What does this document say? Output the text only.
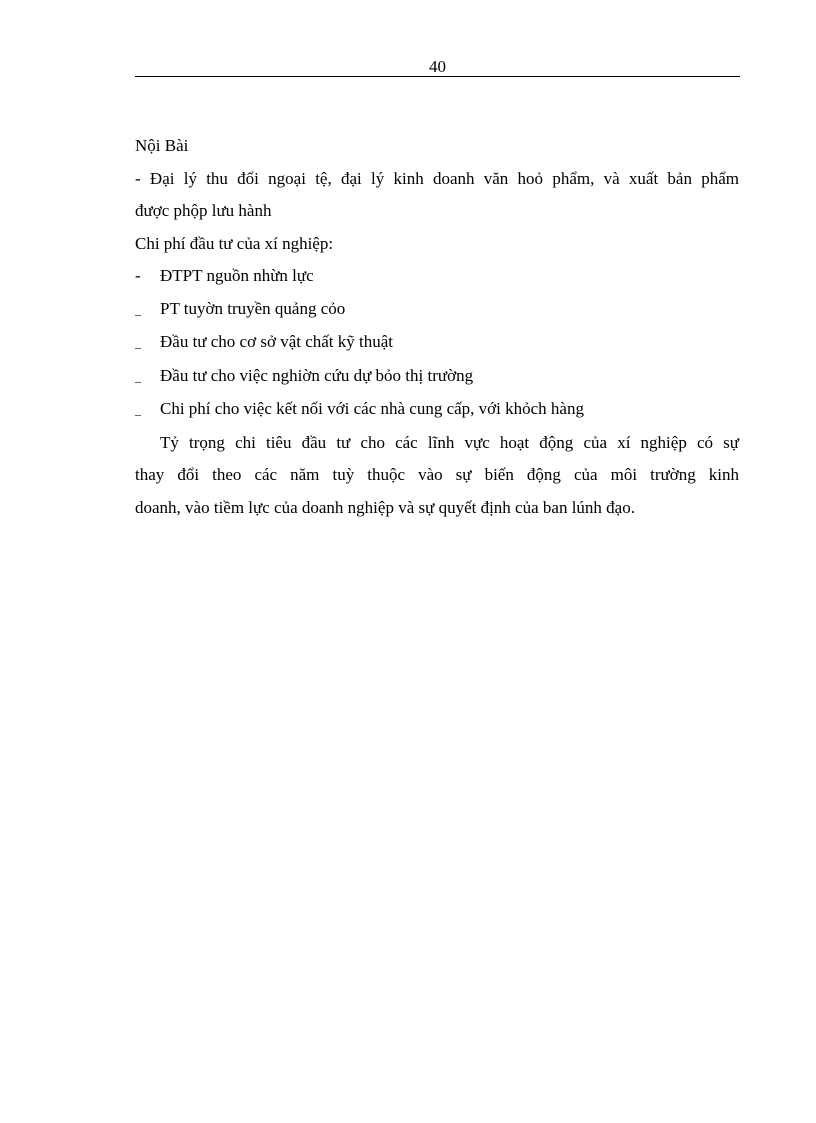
40
Nội Bài
- Đại lý thu đổi ngoại tệ, đại lý kinh doanh văn hoỏ phẩm, và xuất bản phẩm
được phộp lưu hành
Chi phí đầu tư của xí nghiệp:
-	ĐTPT nguồn nhừn lực
_	PT tuyờn truyền quảng cỏo
_	Đầu tư cho cơ sở vật chất kỹ thuật
_	Đầu tư cho việc nghiờn cứu dự bỏo thị trường
_	Chi phí cho việc kết nối với các nhà cung cấp, với khỏch hàng
Tỷ trọng chi tiêu đầu tư cho các lĩnh vực hoạt động của xí nghiệp có sự
thay đổi theo các năm tuỳ thuộc vào sự biến động của môi trường kinh
doanh, vào tiềm lực của doanh nghiệp và sự quyết định của ban lúnh đạo.
